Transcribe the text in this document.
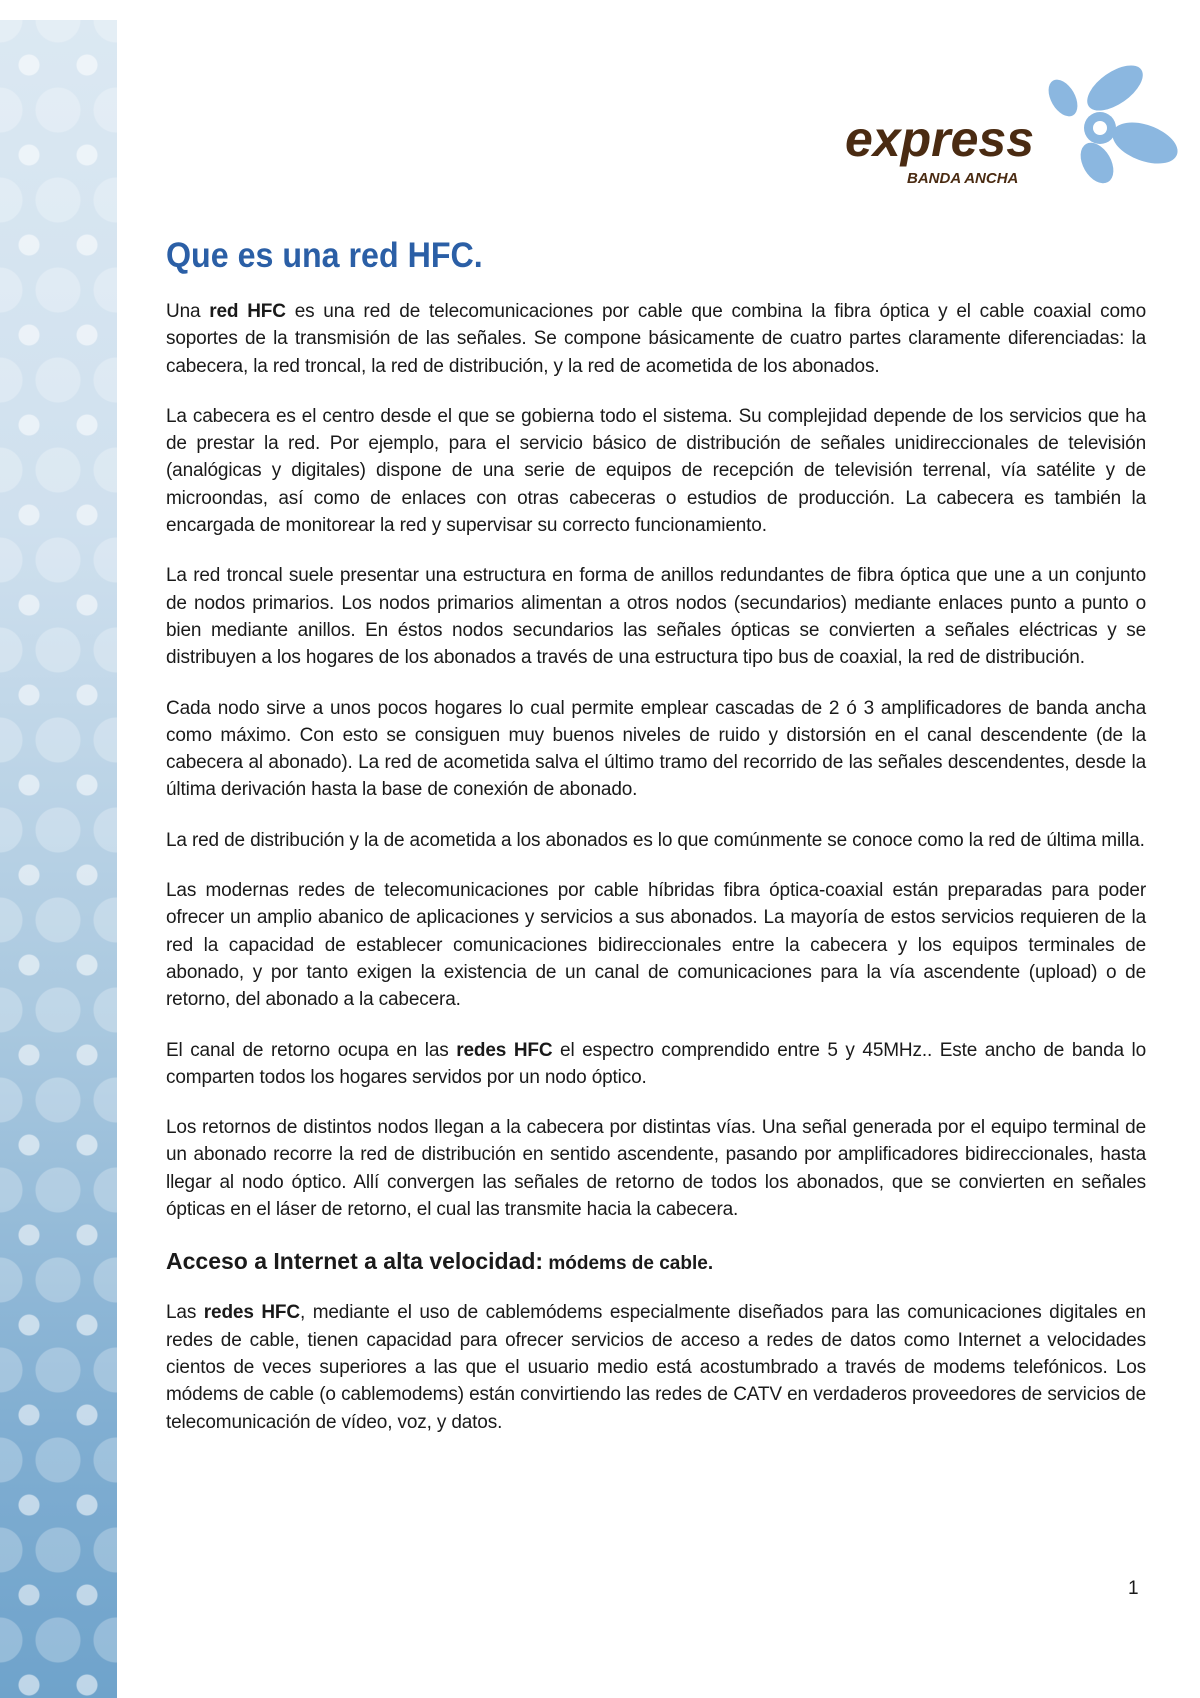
express
BANDA ANCHA
Que es una red HFC.

Una red HFC es una red de telecomunicaciones por cable que combina la fibra óptica y el cable coaxial como soportes de la transmisión de las señales. Se compone básicamente de cuatro partes claramente diferenciadas: la cabecera, la red troncal, la red de distribución, y la red de acometida de los abonados.

La cabecera es el centro desde el que se gobierna todo el sistema. Su complejidad depende de los servicios que ha de prestar la red. Por ejemplo, para el servicio básico de distribución de señales unidireccionales de televisión (analógicas y digitales) dispone de una serie de equipos de recepción de televisión terrenal, vía satélite y de microondas, así como de enlaces con otras cabeceras o estudios de producción. La cabecera es también la encargada de monitorear la red y supervisar su correcto funcionamiento.

La red troncal suele presentar una estructura en forma de anillos redundantes de fibra óptica que une a un conjunto de nodos primarios. Los nodos primarios alimentan a otros nodos (secundarios) mediante enlaces punto a punto o bien mediante anillos. En éstos nodos secundarios las señales ópticas se convierten a señales eléctricas y se distribuyen a los hogares de los abonados a través de una estructura tipo bus de coaxial, la red de distribución.

Cada nodo sirve a unos pocos hogares lo cual permite emplear cascadas de 2 ó 3 amplificadores de banda ancha como máximo. Con esto se consiguen muy buenos niveles de ruido y distorsión en el canal descendente (de la cabecera al abonado). La red de acometida salva el último tramo del recorrido de las señales descendentes, desde la última derivación hasta la base de conexión de abonado.

La red de distribución y la de acometida a los abonados es lo que comúnmente se conoce como la red de última milla.

Las modernas redes de telecomunicaciones por cable híbridas fibra óptica-coaxial están preparadas para poder ofrecer un amplio abanico de aplicaciones y servicios a sus abonados. La mayoría de estos servicios requieren de la red la capacidad de establecer comunicaciones bidireccionales entre la cabecera y los equipos terminales de abonado, y por tanto exigen la existencia de un canal de comunicaciones para la vía ascendente (upload) o de retorno, del abonado a la cabecera.

El canal de retorno ocupa en las redes HFC el espectro comprendido entre 5 y 45MHz.. Este ancho de banda lo comparten todos los hogares servidos por un nodo óptico.

Los retornos de distintos nodos llegan a la cabecera por distintas vías. Una señal generada por el equipo terminal de un abonado recorre la red de distribución en sentido ascendente, pasando por amplificadores bidireccionales, hasta llegar al nodo óptico. Allí convergen las señales de retorno de todos los abonados, que se convierten en señales ópticas en el láser de retorno, el cual las transmite hacia la cabecera.

Acceso a Internet a alta velocidad: módems de cable.

Las redes HFC, mediante el uso de cablemódems especialmente diseñados para las comunicaciones digitales en redes de cable, tienen capacidad para ofrecer servicios de acceso a redes de datos como Internet a velocidades cientos de veces superiores a las que el usuario medio está acostumbrado a través de modems telefónicos. Los módems de cable (o cablemodems) están convirtiendo las redes de CATV en verdaderos proveedores de servicios de telecomunicación de vídeo, voz, y datos.

1
